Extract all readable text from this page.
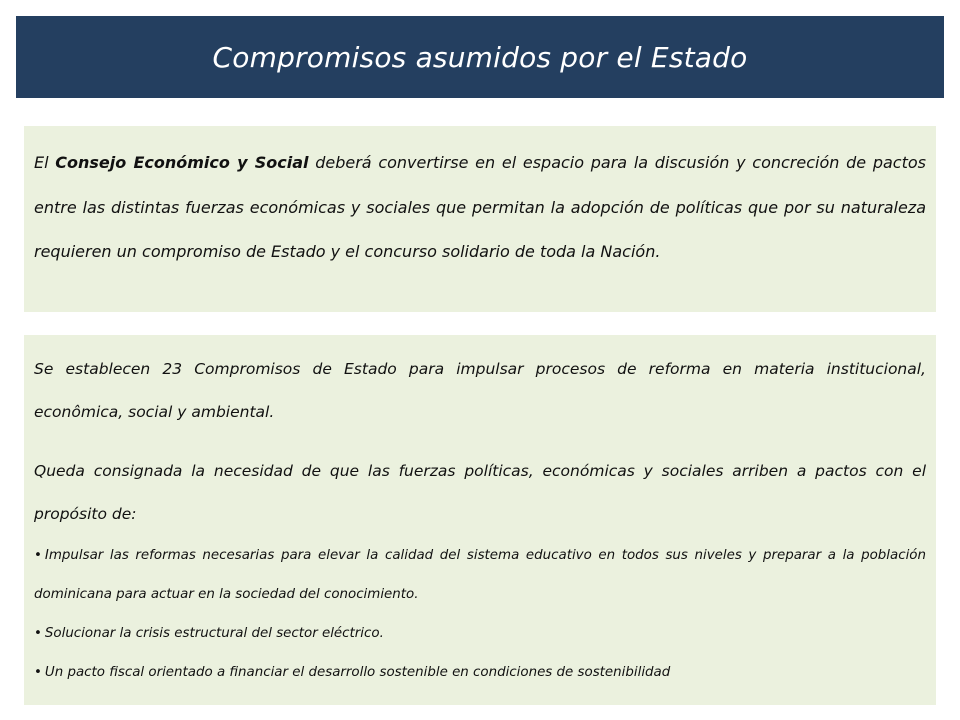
Compromisos asumidos por el Estado

El Consejo Económico y Social deberá convertirse en el espacio para la discusión y concreción de pactos entre las distintas fuerzas económicas y sociales que permitan la adopción de políticas que por su naturaleza requieren un compromiso de Estado y el concurso solidario de toda la Nación.

Se establecen 23 Compromisos de Estado para impulsar procesos de reforma en materia institucional, econômica, social y ambiental.

Queda consignada la necesidad de que las fuerzas políticas, económicas y sociales arriben a pactos con el propósito de:

• Impulsar las reformas necesarias para elevar la calidad del sistema educativo en todos sus niveles y preparar a la población dominicana para actuar en la sociedad del conocimiento.
• Solucionar la crisis estructural del sector eléctrico.
• Un pacto fiscal orientado a financiar el desarrollo sostenible en condiciones de sostenibilidad
